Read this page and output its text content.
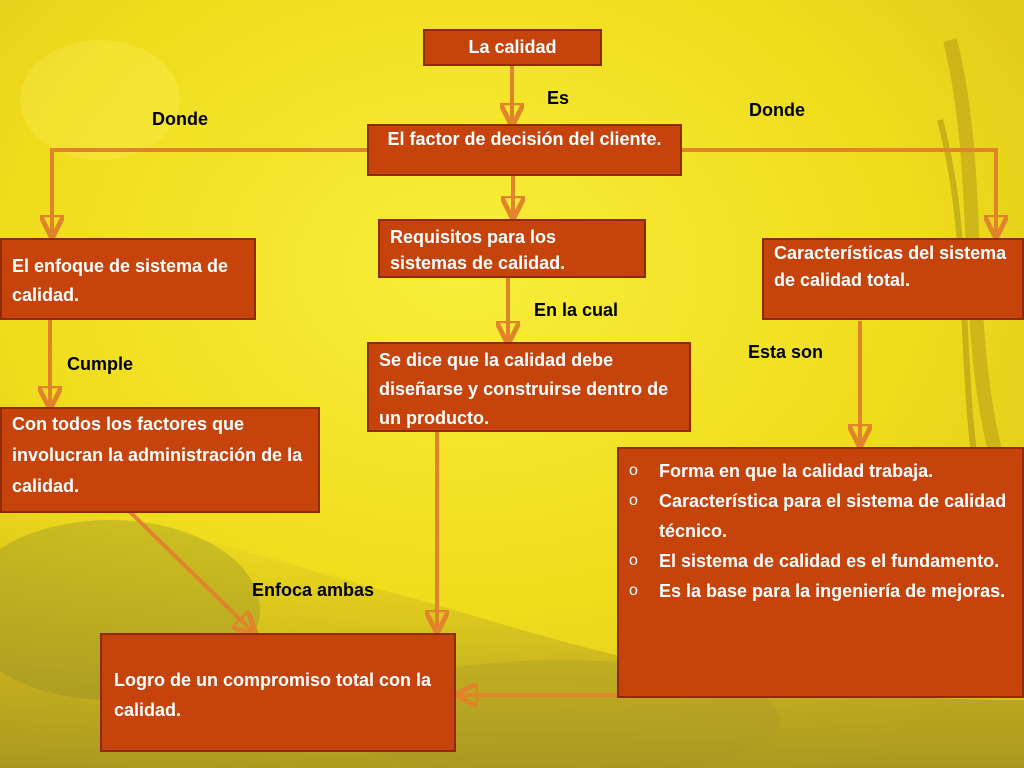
La calidad
El factor de decisión del cliente.
Requisitos para los sistemas de calidad.
El enfoque de sistema de calidad.
Características del sistema de calidad total.
Se dice que la calidad debe diseñarse y construirse dentro de un producto.
Con todos los factores que involucran la administración de la calidad.
o Forma en que la calidad trabaja.
o Característica para el sistema de calidad técnico.
o El sistema de calidad es el fundamento.
o Es la base para la ingeniería de mejoras.
Logro de un compromiso total con la calidad.
Es
Donde	Donde
En la cual
Cumple
Esta son
Enfoca ambas
